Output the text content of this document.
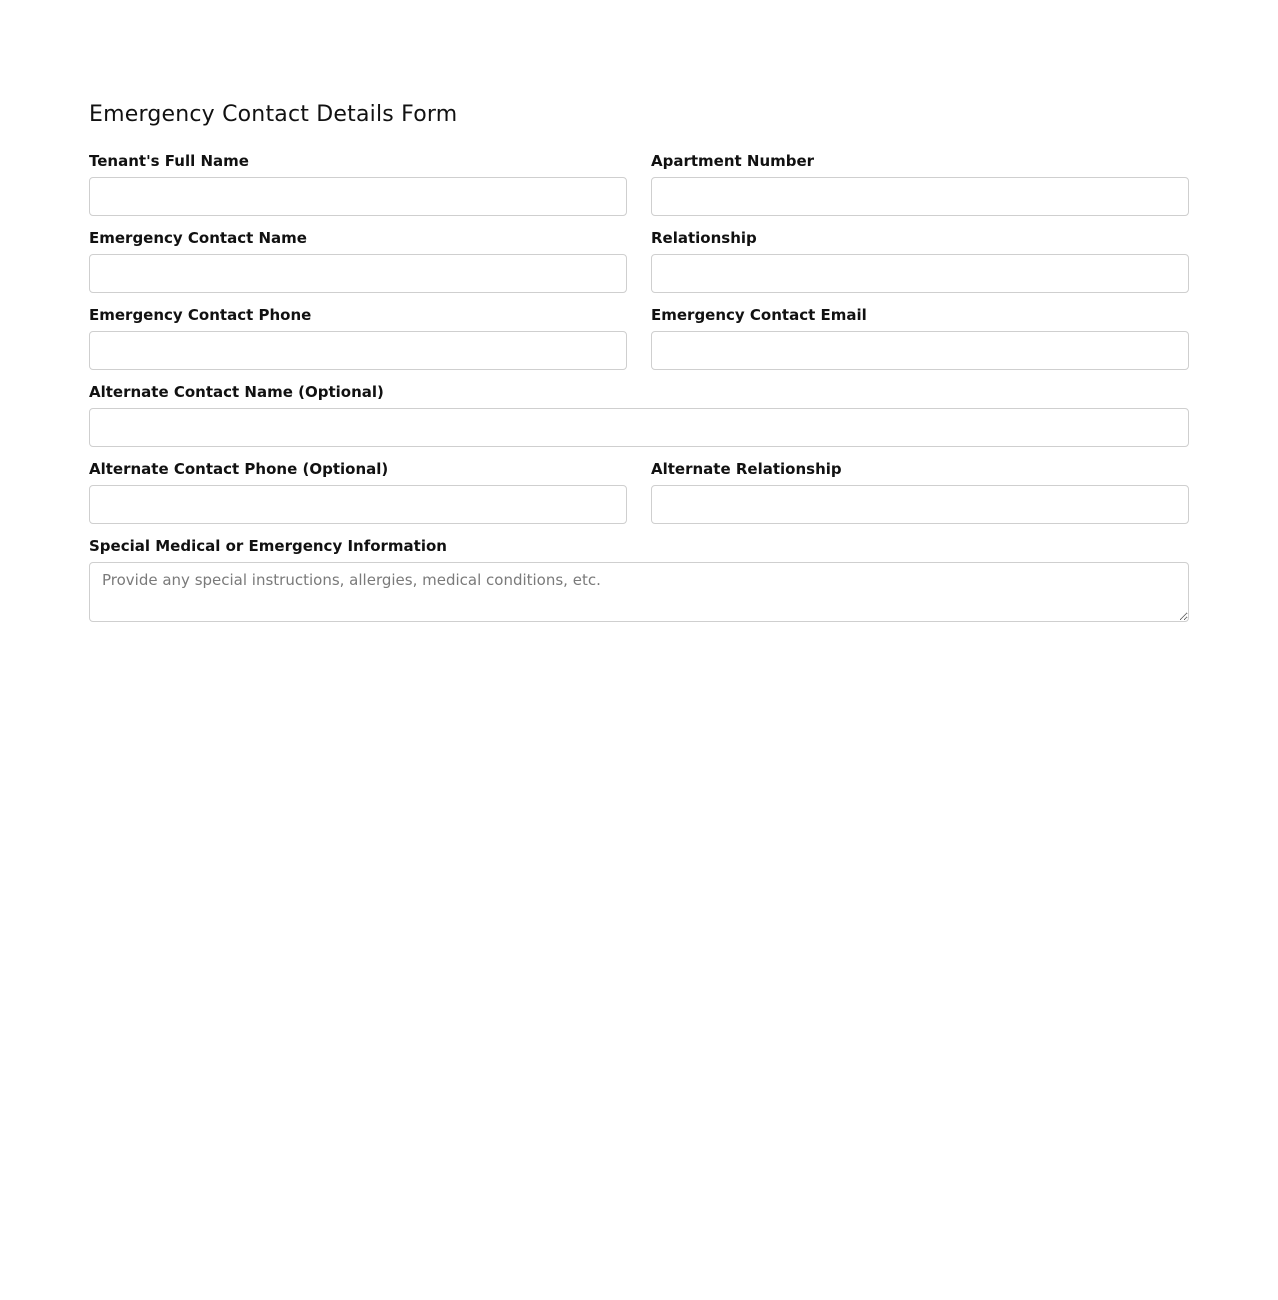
Emergency Contact Details Form
Tenant's Full Name	Apartment Number
Emergency Contact Name	Relationship
Emergency Contact Phone	Emergency Contact Email
Alternate Contact Name (Optional)
Alternate Contact Phone (Optional)	Alternate Relationship
Special Medical or Emergency Information
Provide any special instructions, allergies, medical conditions, etc.
